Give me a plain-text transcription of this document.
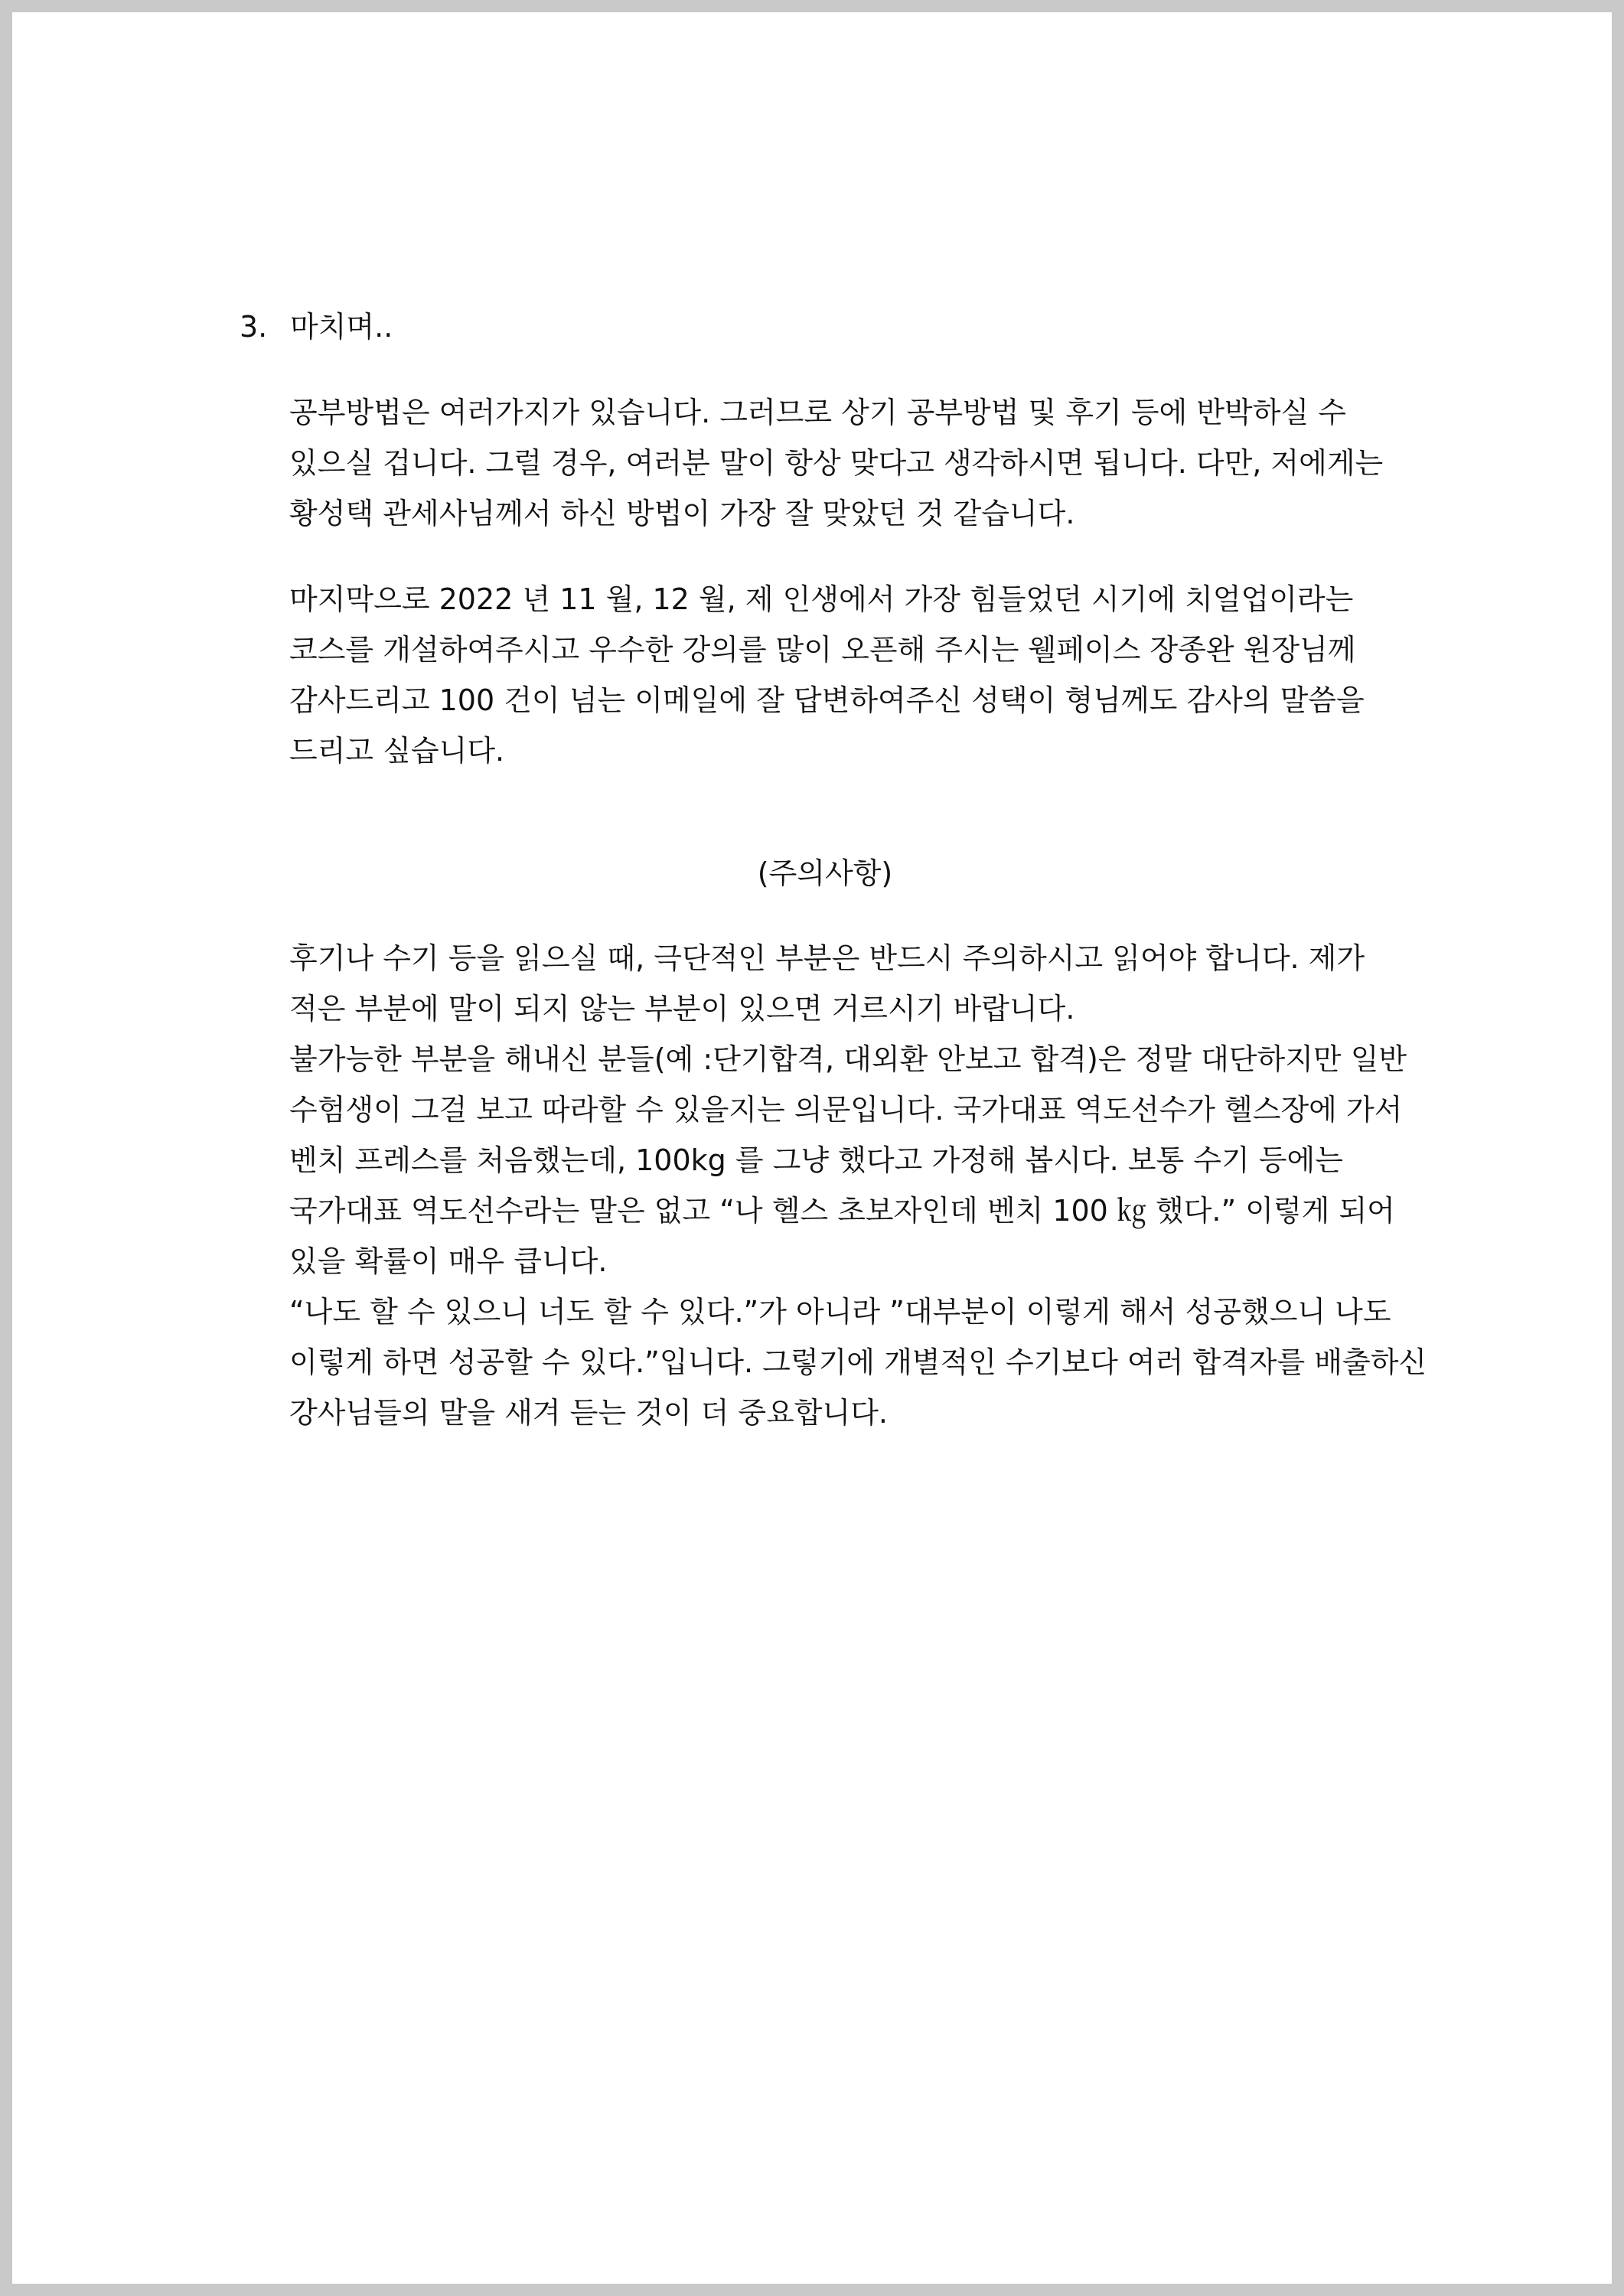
3. 마치며..
공부방법은 여러가지가 있습니다. 그러므로 상기 공부방법 및 후기 등에 반박하실 수
있으실 겁니다. 그럴 경우, 여러분 말이 항상 맞다고 생각하시면 됩니다. 다만, 저에게는
황성택 관세사님께서 하신 방법이 가장 잘 맞았던 것 같습니다.
마지막으로 2022 년 11 월, 12 월, 제 인생에서 가장 힘들었던 시기에 치얼업이라는
코스를 개설하여주시고 우수한 강의를 많이 오픈해 주시는 웰페이스 장종완 원장님께
감사드리고 100 건이 넘는 이메일에 잘 답변하여주신 성택이 형님께도 감사의 말씀을
드리고 싶습니다.
(주의사항)
후기나 수기 등을 읽으실 때, 극단적인 부분은 반드시 주의하시고 읽어야 합니다. 제가
적은 부분에 말이 되지 않는 부분이 있으면 거르시기 바랍니다.
불가능한 부분을 해내신 분들(예 :단기합격, 대외환 안보고 합격)은 정말 대단하지만 일반
수험생이 그걸 보고 따라할 수 있을지는 의문입니다. 국가대표 역도선수가 헬스장에 가서
벤치 프레스를 처음했는데, 100kg 를 그냥 했다고 가정해 봅시다. 보통 수기 등에는
국가대표 역도선수라는 말은 없고 “나 헬스 초보자인데 벤치 100 ㎏ 했다.” 이렇게 되어
있을 확률이 매우 큽니다.
“나도 할 수 있으니 너도 할 수 있다.”가 아니라 ”대부분이 이렇게 해서 성공했으니 나도
이렇게 하면 성공할 수 있다.”입니다. 그렇기에 개별적인 수기보다 여러 합격자를 배출하신
강사님들의 말을 새겨 듣는 것이 더 중요합니다.
